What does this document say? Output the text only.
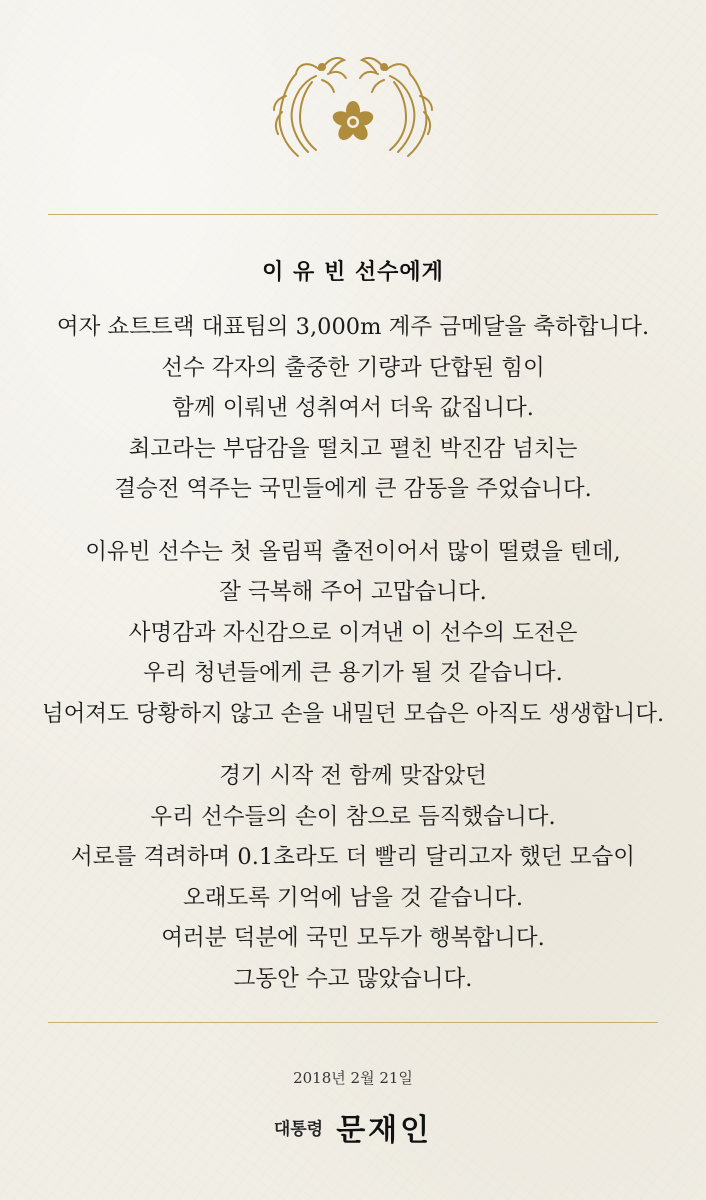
이 유 빈 선수에게
여자 쇼트트랙 대표팀의 3,000m 계주 금메달을 축하합니다.
선수 각자의 출중한 기량과 단합된 힘이
함께 이뤄낸 성취여서 더욱 값집니다.
최고라는 부담감을 떨치고 펼친 박진감 넘치는
결승전 역주는 국민들에게 큰 감동을 주었습니다.
이유빈 선수는 첫 올림픽 출전이어서 많이 떨렸을 텐데,
잘 극복해 주어 고맙습니다.
사명감과 자신감으로 이겨낸 이 선수의 도전은
우리 청년들에게 큰 용기가 될 것 같습니다.
넘어져도 당황하지 않고 손을 내밀던 모습은 아직도 생생합니다.
경기 시작 전 함께 맞잡았던
우리 선수들의 손이 참으로 듬직했습니다.
서로를 격려하며 0.1초라도 더 빨리 달리고자 했던 모습이
오래도록 기억에 남을 것 같습니다.
여러분 덕분에 국민 모두가 행복합니다.
그동안 수고 많았습니다.
2018년 2월 21일
대통령 문재인
